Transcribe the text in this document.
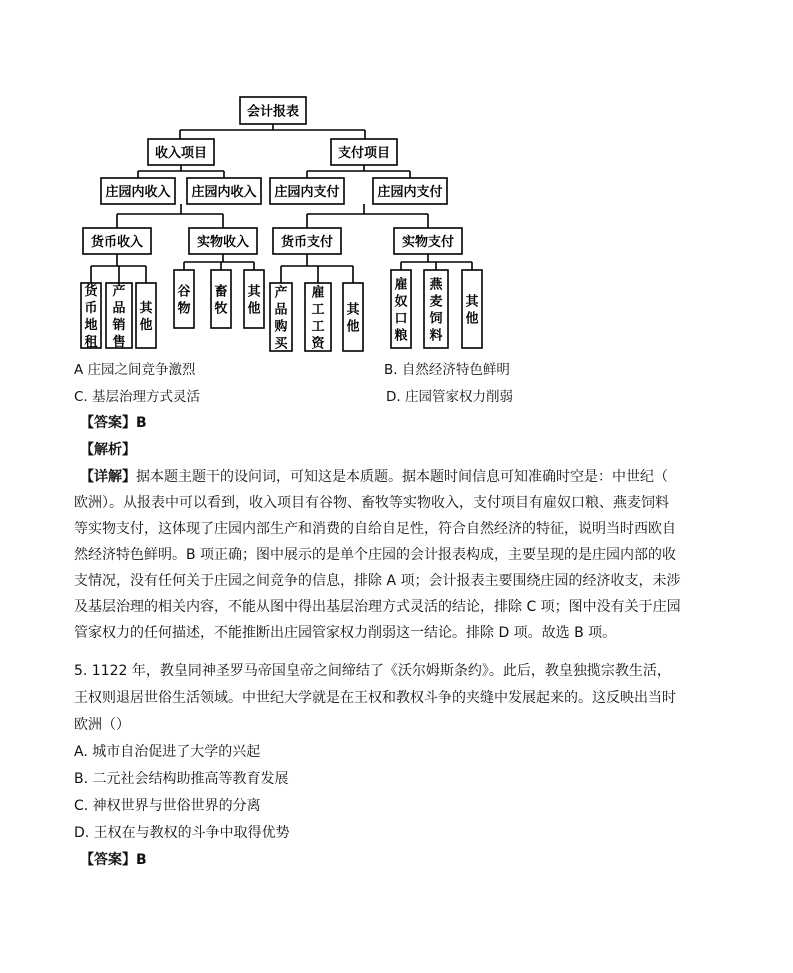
会计报表
收入项目	支付项目
庄园内收入 庄园内收入 庄园内支付	庄园内支付
货币收入	实物收入 货币支付	实物支付
货
币
地
租
产
品
销
售
其
他
谷
物
畜
牧
其
他
产
品
购
买
雇
工
工
资
其
他
雇
奴
口
粮
燕
麦
饲
料
其
他
A 庄园之间竞争激烈	B. 自然经济特色鲜明
C. 基层治理方式灵活	D. 庄园管家权力削弱
【答案】B
【解析】
【详解】据本题主题干的设问词，可知这是本质题。据本题时间信息可知准确时空是：中世纪（
欧洲）。从报表中可以看到，收入项目有谷物、畜牧等实物收入，支付项目有雇奴口粮、燕麦饲料
等实物支付，这体现了庄园内部生产和消费的自给自足性，符合自然经济的特征，说明当时西欧自
然经济特色鲜明。B 项正确；图中展示的是单个庄园的会计报表构成，主要呈现的是庄园内部的收
支情况，没有任何关于庄园之间竞争的信息，排除 A 项；会计报表主要围绕庄园的经济收支，未涉
及基层治理的相关内容，不能从图中得出基层治理方式灵活的结论，排除 C 项；图中没有关于庄园
管家权力的任何描述，不能推断出庄园管家权力削弱这一结论。排除 D 项。故选 B 项。
5. 1122 年，教皇同神圣罗马帝国皇帝之间缔结了《沃尔姆斯条约》。此后，教皇独揽宗教生活，
王权则退居世俗生活领域。中世纪大学就是在王权和教权斗争的夹缝中发展起来的。这反映出当时
欧洲（）
A. 城市自治促进了大学的兴起
B. 二元社会结构助推高等教育发展
C. 神权世界与世俗世界的分离
D. 王权在与教权的斗争中取得优势
【答案】B
